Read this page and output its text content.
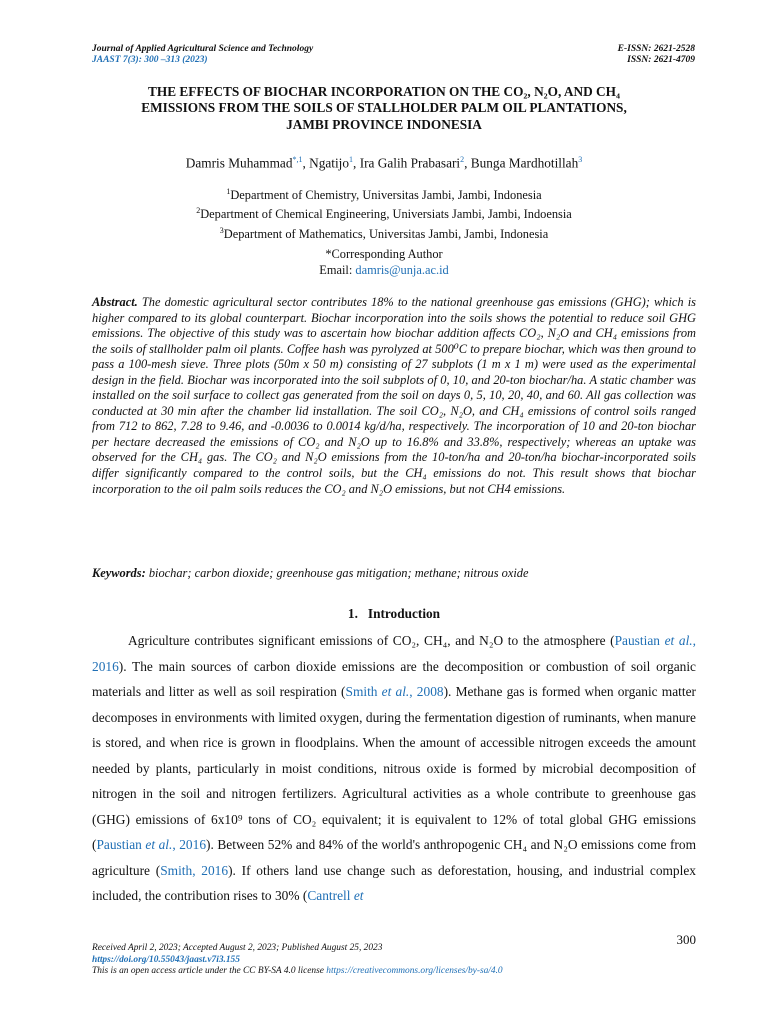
Journal of Applied Agricultural Science and Technology
JAAST 7(3): 300 –313 (2023)
E-ISSN: 2621-2528
ISSN: 2621-4709
THE EFFECTS OF BIOCHAR INCORPORATION ON THE CO₂, N₂O, AND CH₄
EMISSIONS FROM THE SOILS OF STALLHOLDER PALM OIL PLANTATIONS,
JAMBI PROVINCE INDONESIA
Damris Muhammad$^{*,1}$, Ngatijo$^1$, Ira Galih Prabasari$^2$, Bunga Mardhotillah$^3$
$^1$Department of Chemistry, Universitas Jambi, Jambi, Indonesia
$^2$Department of Chemical Engineering, Universiats Jambi, Jambi, Indoensia
$^3$Department of Mathematics, Universitas Jambi, Jambi, Indonesia
*Corresponding Author
Email: damris@unja.ac.id
Abstract. The domestic agricultural sector contributes 18% to the national greenhouse gas emissions (GHG); which is higher compared to its global counterpart. Biochar incorporation into the soils shows the potential to reduce soil GHG emissions. The objective of this study was to ascertain how biochar addition affects CO₂, N₂O and CH₄ emissions from the soils of stallholder palm oil plants. Coffee hash was pyrolyzed at 500⁰C to prepare biochar, which was then ground to pass a 100-mesh sieve. Three plots (50m x 50 m) consisting of 27 subplots (1 m x 1 m) were used as the experimental design in the field. Biochar was incorporated into the soil subplots of 0, 10, and 20-ton biochar/ha. A static chamber was installed on the soil surface to collect gas generated from the soil on days 0, 5, 10, 20, 40, and 60. All gas collection was conducted at 30 min after the chamber lid installation. The soil CO₂, N₂O, and CH₄ emissions of control soils ranged from 712 to 862, 7.28 to 9.46, and -0.0036 to 0.0014 kg/d/ha, respectively. The incorporation of 10 and 20-ton biochar per hectare decreased the emissions of CO₂ and N₂O up to 16.8% and 33.8%, respectively; whereas an uptake was observed for the CH₄ gas. The CO₂ and N₂O emissions from the 10-ton/ha and 20-ton/ha biochar-incorporated soils differ significantly compared to the control soils, but the CH₄ emissions do not. This result shows that biochar incorporation to the oil palm soils reduces the CO₂ and N₂O emissions, but not CH4 emissions.
Keywords: biochar; carbon dioxide; greenhouse gas mitigation; methane; nitrous oxide
1. Introduction
Agriculture contributes significant emissions of CO₂, CH₄, and N₂O to the atmosphere (Paustian et al., 2016). The main sources of carbon dioxide emissions are the decomposition or combustion of soil organic materials and litter as well as soil respiration (Smith et al., 2008). Methane gas is formed when organic matter decomposes in environments with limited oxygen, during the fermentation digestion of ruminants, when manure is stored, and when rice is grown in floodplains. When the amount of accessible nitrogen exceeds the amount needed by plants, particularly in moist conditions, nitrous oxide is formed by microbial decomposition of nitrogen in the soil and nitrogen fertilizers. Agricultural activities as a whole contribute to greenhouse gas (GHG) emissions of 6x10⁹ tons of CO₂ equivalent; it is equivalent to 12% of total global GHG emissions (Paustian et al., 2016). Between 52% and 84% of the world's anthropogenic CH₄ and N₂O emissions come from agriculture (Smith, 2016). If others land use change such as deforestation, housing, and industrial complex included, the contribution rises to 30% (Cantrell et
300
Received April 2, 2023; Accepted August 2, 2023; Published August 25, 2023
https://doi.org/10.55043/jaast.v7i3.155
This is an open access article under the CC BY-SA 4.0 license https://creativecommons.org/licenses/by-sa/4.0
